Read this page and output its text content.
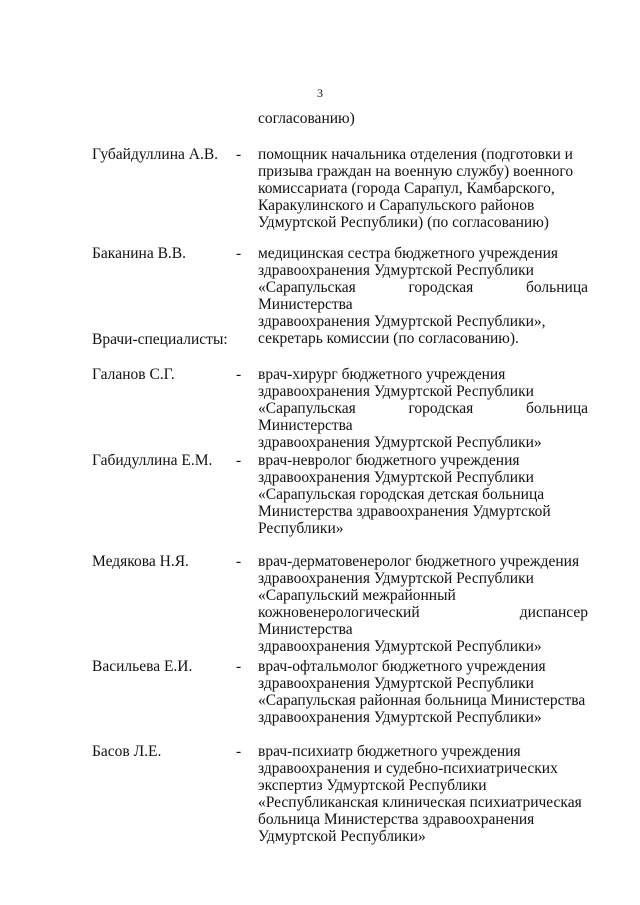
3
согласованию)
Губайдуллина А.В. - помощник начальника отделения (подготовки и
призыва граждан на военную службу) военного
комиссариата (города Сарапул, Камбарского,
Каракулинского и Сарапульского районов
Удмуртской Республики) (по согласованию)
Баканина В.В.	- медицинская сестра бюджетного учреждения
здравоохранения Удмуртской Республики
«Сарапульская городская больница Министерства
здравоохранения Удмуртской Республики»,
секретарь комиссии (по согласованию).
Врачи-специалисты:
Галанов С.Г.	- врач-хирург бюджетного учреждения
здравоохранения Удмуртской Республики
«Сарапульская городская больница Министерства
здравоохранения Удмуртской Республики»
Габидуллина Е.М. - врач-невролог бюджетного учреждения
здравоохранения Удмуртской Республики
«Сарапульская городская детская больница
Министерства здравоохранения Удмуртской
Республики»
Медякова Н.Я.	- врач-дерматовенеролог бюджетного учреждения
здравоохранения Удмуртской Республики
«Сарапульский межрайонный
кожновенерологический диспансер Министерства
здравоохранения Удмуртской Республики»
Васильева Е.И.	- врач-офтальмолог бюджетного учреждения
здравоохранения Удмуртской Республики
«Сарапульская районная больница Министерства
здравоохранения Удмуртской Республики»
Басов Л.Е.	- врач-психиатр бюджетного учреждения
здравоохранения и судебно-психиатрических
экспертиз Удмуртской Республики
«Республиканская клиническая психиатрическая
больница Министерства здравоохранения
Удмуртской Республики»
